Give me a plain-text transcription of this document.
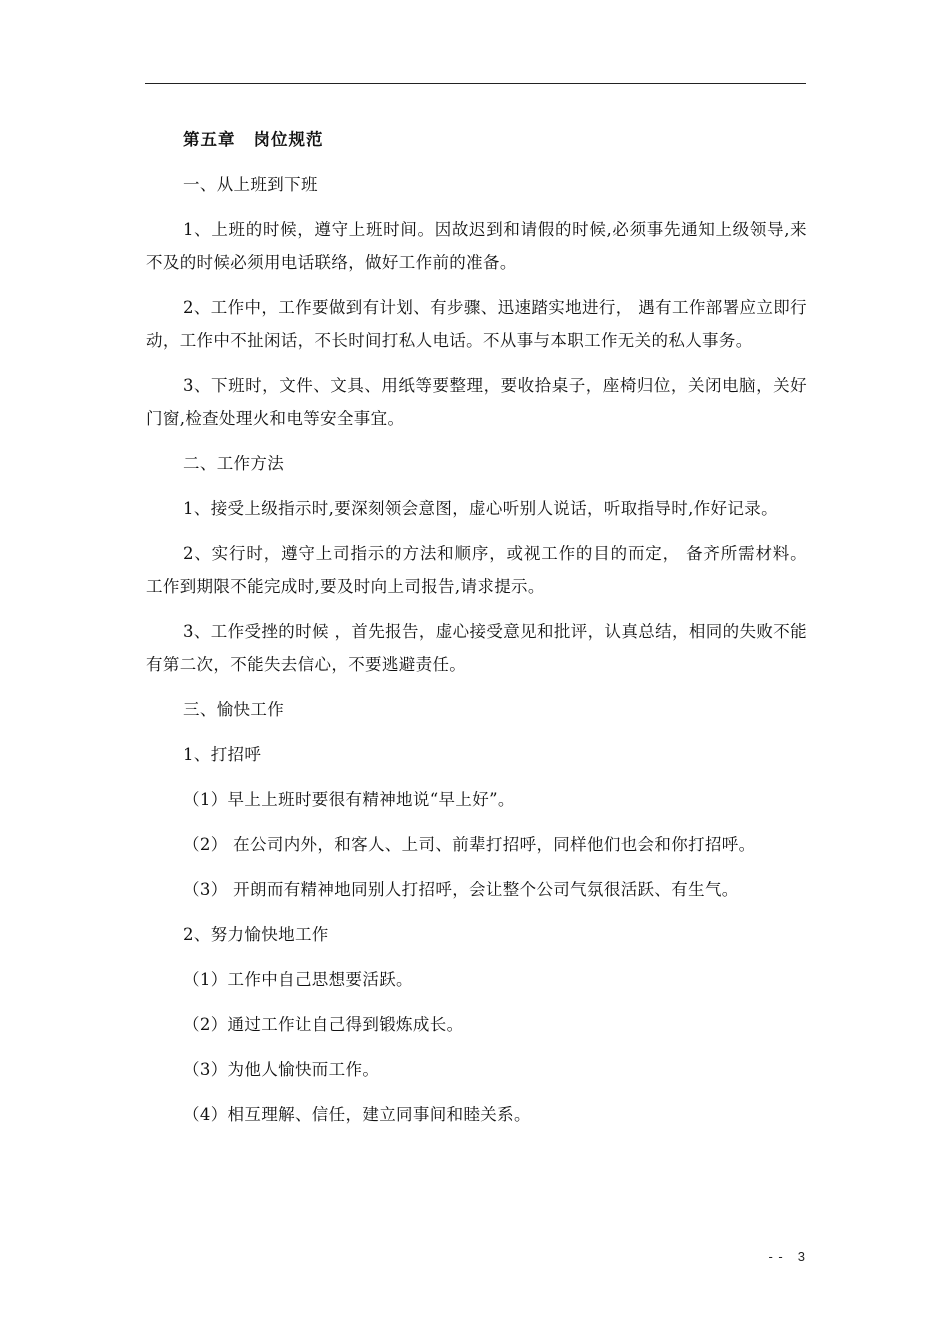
第五章 岗位规范

一、从上班到下班

1、上班的时候，遵守上班时间。因故迟到和请假的时候,必须事先通知上级领导,来不及的时候必须用电话联络，做好工作前的准备。

2、工作中，工作要做到有计划、有步骤、迅速踏实地进行， 遇有工作部署应立即行动，工作中不扯闲话，不长时间打私人电话。不从事与本职工作无关的私人事务。

3、下班时，文件、文具、用纸等要整理，要收拾桌子，座椅归位，关闭电脑，关好门窗,检查处理火和电等安全事宜。

二、工作方法

1、接受上级指示时,要深刻领会意图，虚心听别人说话，听取指导时,作好记录。

2、实行时，遵守上司指示的方法和顺序，或视工作的目的而定， 备齐所需材料。 工作到期限不能完成时,要及时向上司报告,请求提示。

3、工作受挫的时候 ，首先报告，虚心接受意见和批评，认真总结，相同的失败不能有第二次，不能失去信心，不要逃避责任。

三、愉快工作

1、打招呼

（1）早上上班时要很有精神地说“早上好”。

（2） 在公司内外，和客人、上司、前辈打招呼，同样他们也会和你打招呼。

（3） 开朗而有精神地同别人打招呼，会让整个公司气氛很活跃、有生气。

2、努力愉快地工作

（1）工作中自己思想要活跃。

（2）通过工作让自己得到锻炼成长。

（3）为他人愉快而工作。

（4）相互理解、信任，建立同事间和睦关系。

- - 3
